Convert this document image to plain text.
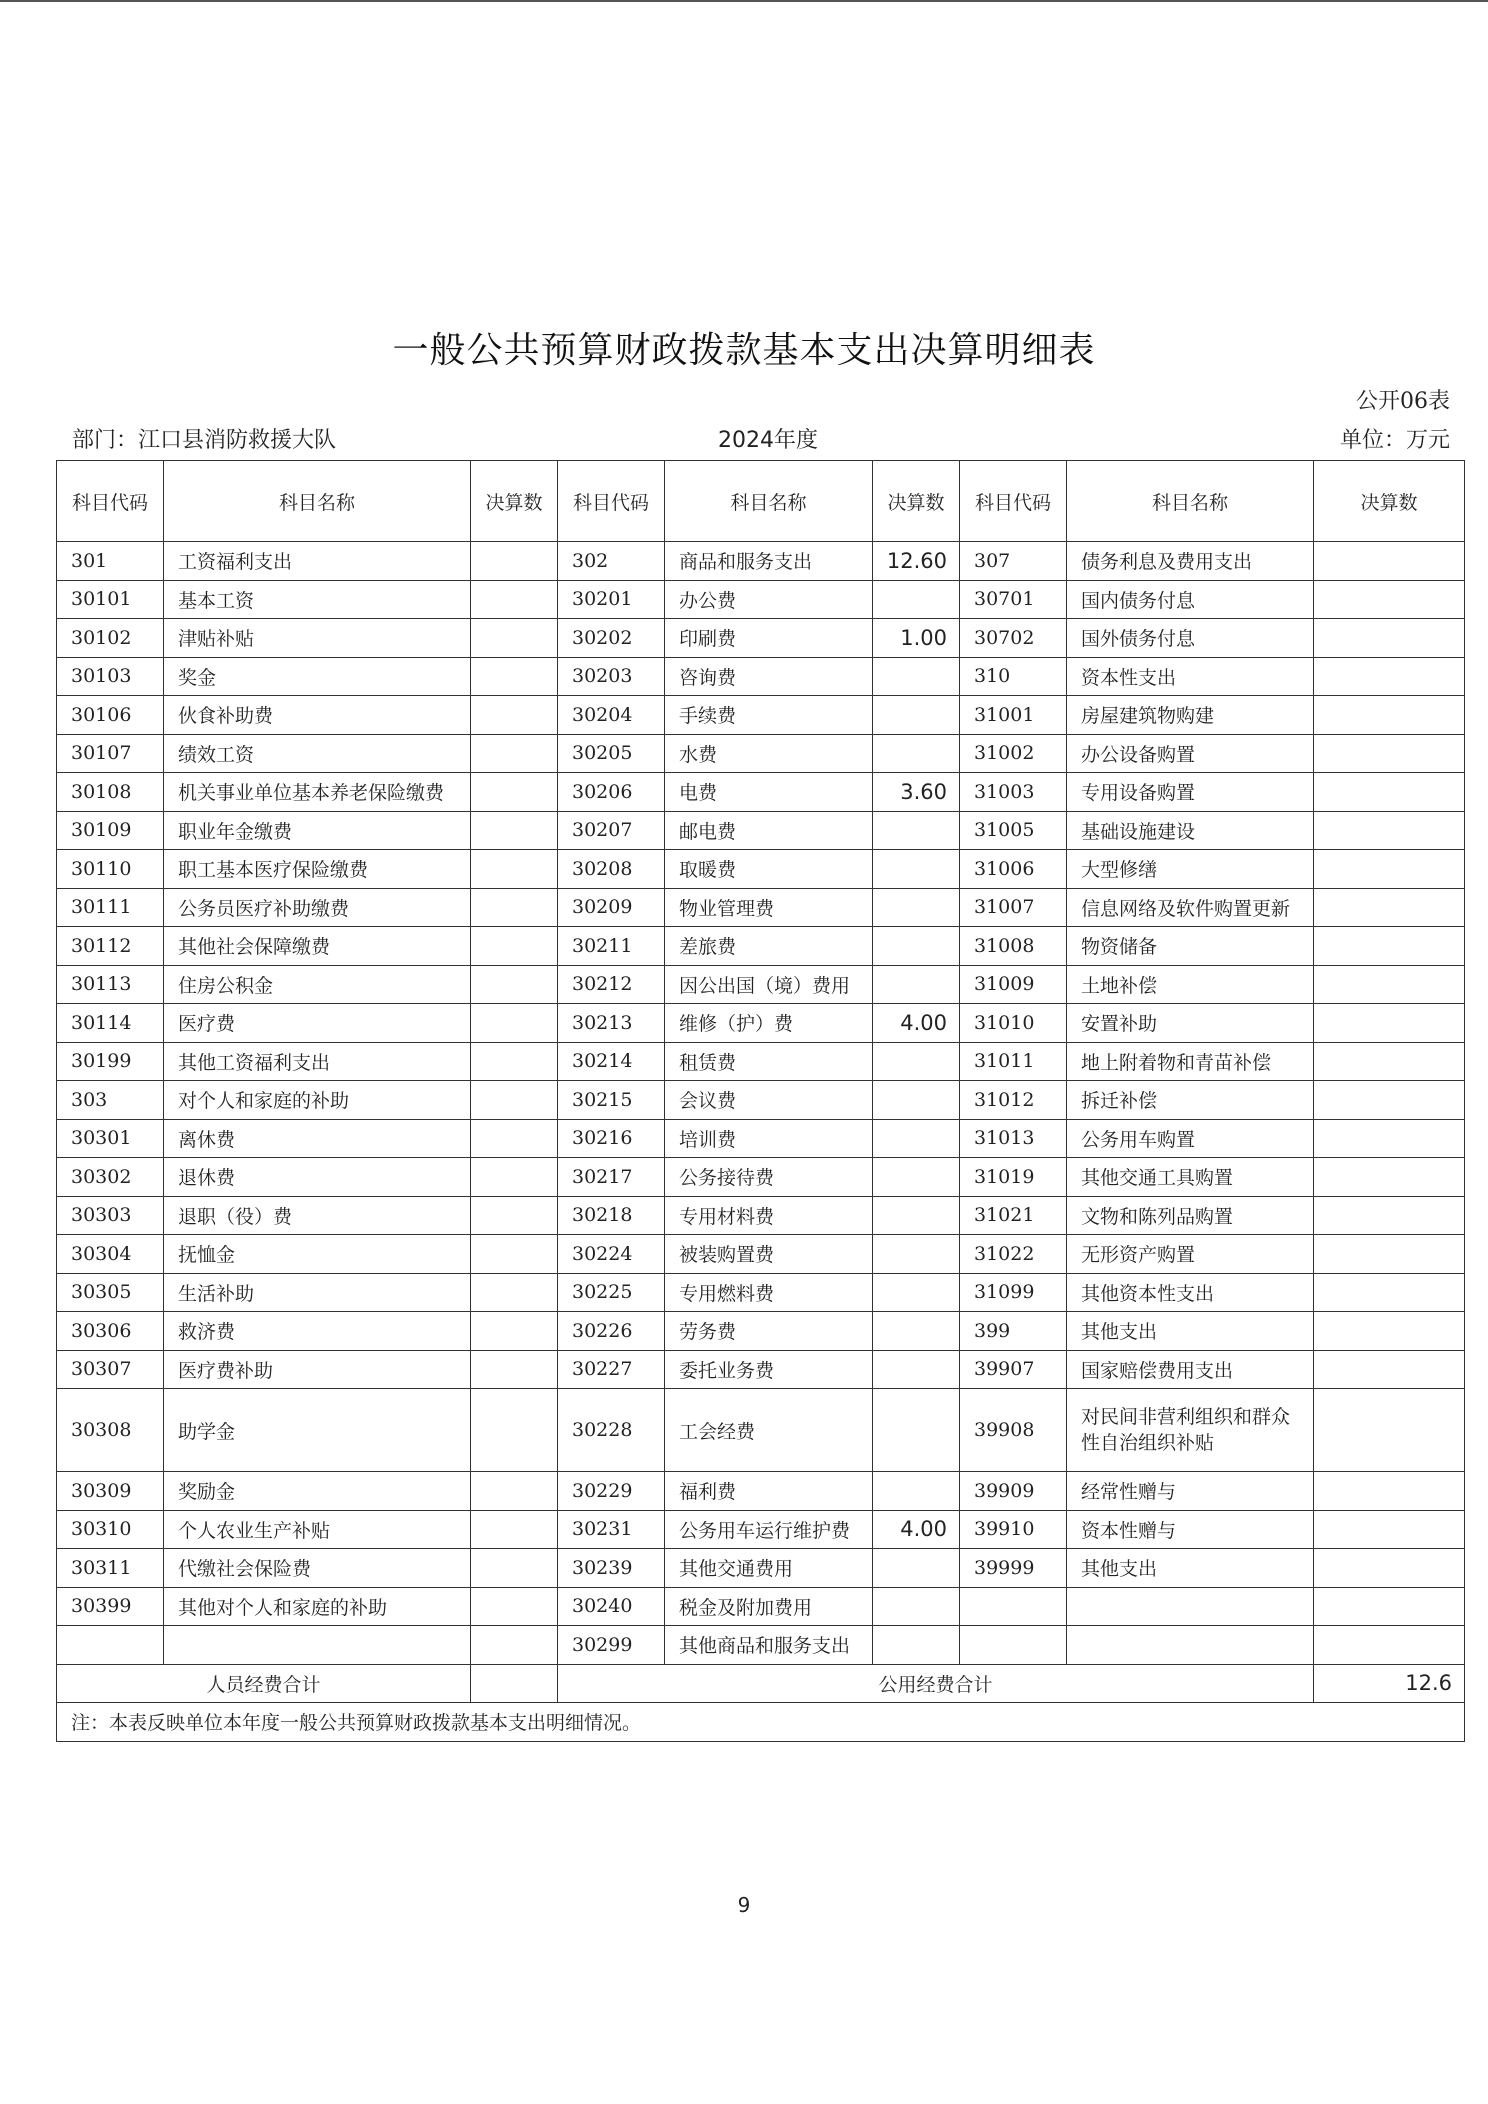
一般公共预算财政拨款基本支出决算明细表
公开06表
部门：江口县消防救援大队	2024年度	单位：万元
科目代码	科目名称	决算数	科目代码	科目名称	决算数	科目代码	科目名称	决算数
301	工资福利支出		302	商品和服务支出	12.60	307	债务利息及费用支出	
30101	基本工资		30201	办公费		30701	国内债务付息	
30102	津贴补贴		30202	印刷费	1.00	30702	国外债务付息	
30103	奖金		30203	咨询费		310	资本性支出	
30106	伙食补助费		30204	手续费		31001	房屋建筑物购建	
30107	绩效工资		30205	水费		31002	办公设备购置	
30108	机关事业单位基本养老保险缴费		30206	电费	3.60	31003	专用设备购置	
30109	职业年金缴费		30207	邮电费		31005	基础设施建设	
30110	职工基本医疗保险缴费		30208	取暖费		31006	大型修缮	
30111	公务员医疗补助缴费		30209	物业管理费		31007	信息网络及软件购置更新	
30112	其他社会保障缴费		30211	差旅费		31008	物资储备	
30113	住房公积金		30212	因公出国（境）费用		31009	土地补偿	
30114	医疗费		30213	维修（护）费	4.00	31010	安置补助	
30199	其他工资福利支出		30214	租赁费		31011	地上附着物和青苗补偿	
303	对个人和家庭的补助		30215	会议费		31012	拆迁补偿	
30301	离休费		30216	培训费		31013	公务用车购置	
30302	退休费		30217	公务接待费		31019	其他交通工具购置	
30303	退职（役）费		30218	专用材料费		31021	文物和陈列品购置	
30304	抚恤金		30224	被装购置费		31022	无形资产购置	
30305	生活补助		30225	专用燃料费		31099	其他资本性支出	
30306	救济费		30226	劳务费		399	其他支出	
30307	医疗费补助		30227	委托业务费		39907	国家赔偿费用支出	
30308	助学金		30228	工会经费		39908	对民间非营利组织和群众性自治组织补贴	
30309	奖励金		30229	福利费		39909	经常性赠与	
30310	个人农业生产补贴		30231	公务用车运行维护费	4.00	39910	资本性赠与	
30311	代缴社会保险费		30239	其他交通费用		39999	其他支出	
30399	其他对个人和家庭的补助		30240	税金及附加费用				
			30299	其他商品和服务支出				
人员经费合计			公用经费合计					12.6
注：本表反映单位本年度一般公共预算财政拨款基本支出明细情况。								
9
